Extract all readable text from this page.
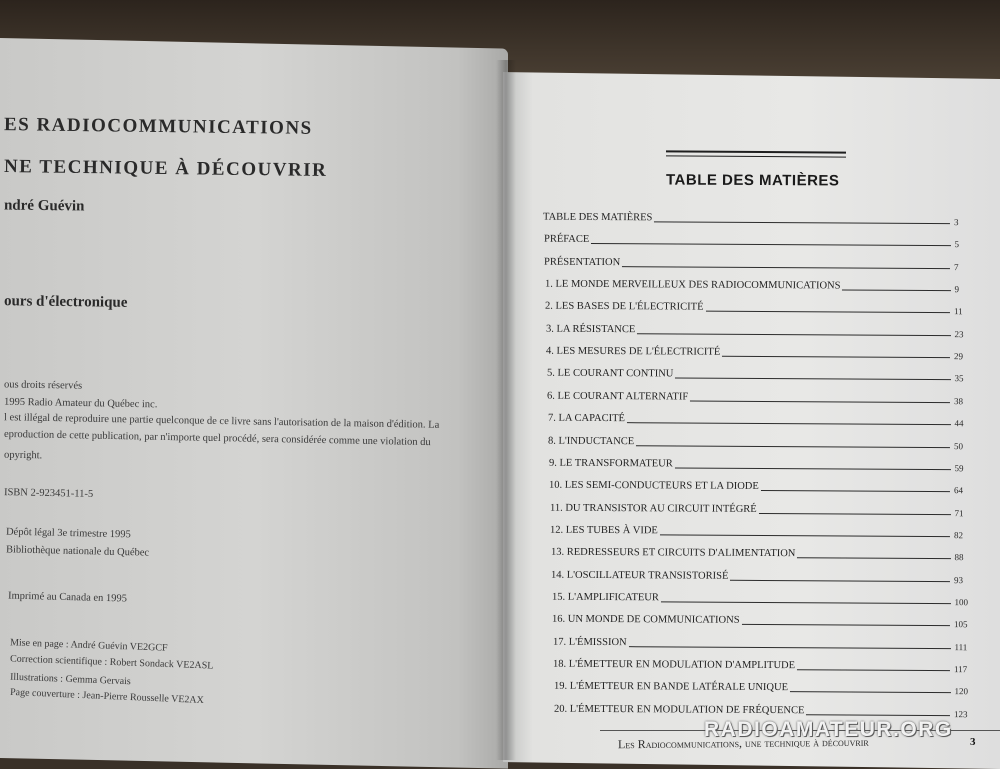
ES RADIOCOMMUNICATIONS
NE TECHNIQUE À DÉCOUVRIR
ndré Guévin
ours d'électronique
ous droits réservés
1995 Radio Amateur du Québec inc.
l est illégal de reproduire une partie quelconque de ce livre sans l'autorisation de la maison d'édition. La
eproduction de cette publication, par n'importe quel procédé, sera considérée comme une violation du
opyright.
ISBN 2-923451-11-5
Dépôt légal 3e trimestre 1995
Bibliothèque nationale du Québec
Imprimé au Canada en 1995
Mise en page : André Guévin VE2GCF
Correction scientifique : Robert Sondack VE2ASL
Illustrations : Gemma Gervais
Page couverture : Jean-Pierre Rousselle VE2AX
TABLE DES MATIÈRES
TABLE DES MATIÈRES	3
PRÉFACE	5
PRÉSENTATION	7
1. LE MONDE MERVEILLEUX DES RADIOCOMMUNICATIONS	9
2. LES BASES DE L'ÉLECTRICITÉ	11
3. LA RÉSISTANCE	23
4. LES MESURES DE L'ÉLECTRICITÉ	29
5. LE COURANT CONTINU	35
6. LE COURANT ALTERNATIF	38
7. LA CAPACITÉ	44
8. L'INDUCTANCE	50
9. LE TRANSFORMATEUR	59
10. LES SEMI-CONDUCTEURS ET LA DIODE	64
11. DU TRANSISTOR AU CIRCUIT INTÉGRÉ	71
12. LES TUBES À VIDE	82
13. REDRESSEURS ET CIRCUITS D'ALIMENTATION	88
14. L'OSCILLATEUR TRANSISTORISÉ	93
15. L'AMPLIFICATEUR	100
16. UN MONDE DE COMMUNICATIONS	105
17. L'ÉMISSION	111
18. L'ÉMETTEUR EN MODULATION D'AMPLITUDE	117
19. L'ÉMETTEUR EN BANDE LATÉRALE UNIQUE	120
20. L'ÉMETTEUR EN MODULATION DE FRÉQUENCE	123
Les Radiocommunications, une technique à découvrir	3
RADIOAMATEUR.ORG
